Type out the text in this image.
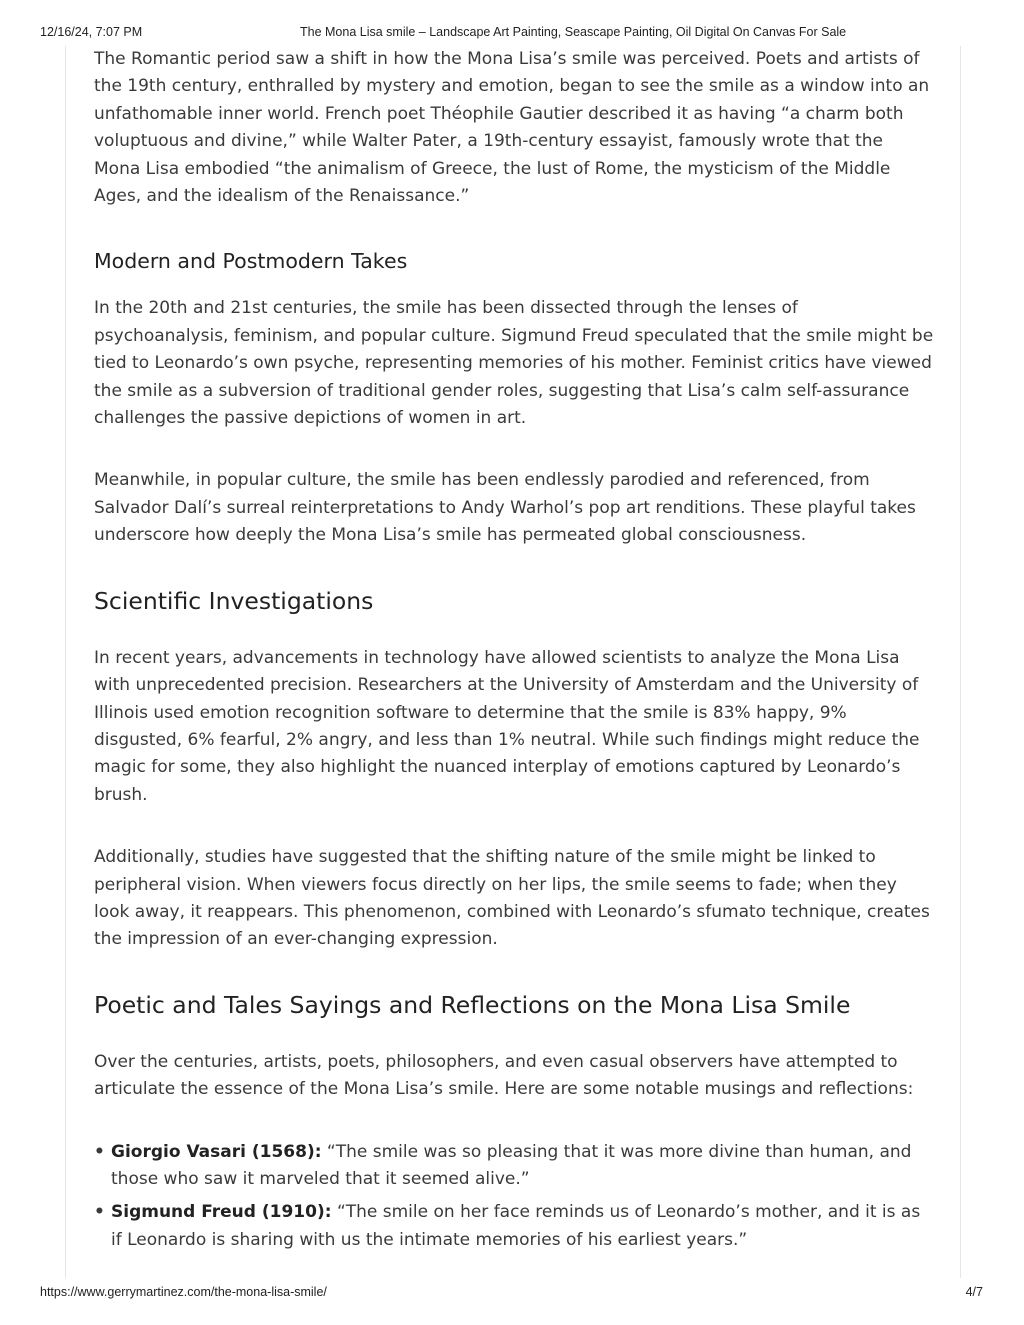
12/16/24, 7:07 PM	The Mona Lisa smile – Landscape Art Painting, Seascape Painting, Oil Digital On Canvas For Sale

The Romantic period saw a shift in how the Mona Lisa’s smile was perceived. Poets and artists of the 19th century, enthralled by mystery and emotion, began to see the smile as a window into an unfathomable inner world. French poet Théophile Gautier described it as having “a charm both voluptuous and divine,” while Walter Pater, a 19th-century essayist, famously wrote that the Mona Lisa embodied “the animalism of Greece, the lust of Rome, the mysticism of the Middle Ages, and the idealism of the Renaissance.”

Modern and Postmodern Takes

In the 20th and 21st centuries, the smile has been dissected through the lenses of psychoanalysis, feminism, and popular culture. Sigmund Freud speculated that the smile might be tied to Leonardo’s own psyche, representing memories of his mother. Feminist critics have viewed the smile as a subversion of traditional gender roles, suggesting that Lisa’s calm self-assurance challenges the passive depictions of women in art.

Meanwhile, in popular culture, the smile has been endlessly parodied and referenced, from Salvador Dalí’s surreal reinterpretations to Andy Warhol’s pop art renditions. These playful takes underscore how deeply the Mona Lisa’s smile has permeated global consciousness.

Scientific Investigations

In recent years, advancements in technology have allowed scientists to analyze the Mona Lisa with unprecedented precision. Researchers at the University of Amsterdam and the University of Illinois used emotion recognition software to determine that the smile is 83% happy, 9% disgusted, 6% fearful, 2% angry, and less than 1% neutral. While such findings might reduce the magic for some, they also highlight the nuanced interplay of emotions captured by Leonardo’s brush.

Additionally, studies have suggested that the shifting nature of the smile might be linked to peripheral vision. When viewers focus directly on her lips, the smile seems to fade; when they look away, it reappears. This phenomenon, combined with Leonardo’s sfumato technique, creates the impression of an ever-changing expression.

Poetic and Tales Sayings and Reflections on the Mona Lisa Smile

Over the centuries, artists, poets, philosophers, and even casual observers have attempted to articulate the essence of the Mona Lisa’s smile. Here are some notable musings and reflections:

• Giorgio Vasari (1568): “The smile was so pleasing that it was more divine than human, and those who saw it marveled that it seemed alive.”
• Sigmund Freud (1910): “The smile on her face reminds us of Leonardo’s mother, and it is as if Leonardo is sharing with us the intimate memories of his earliest years.”
https://www.gerrymartinez.com/the-mona-lisa-smile/	4/7
